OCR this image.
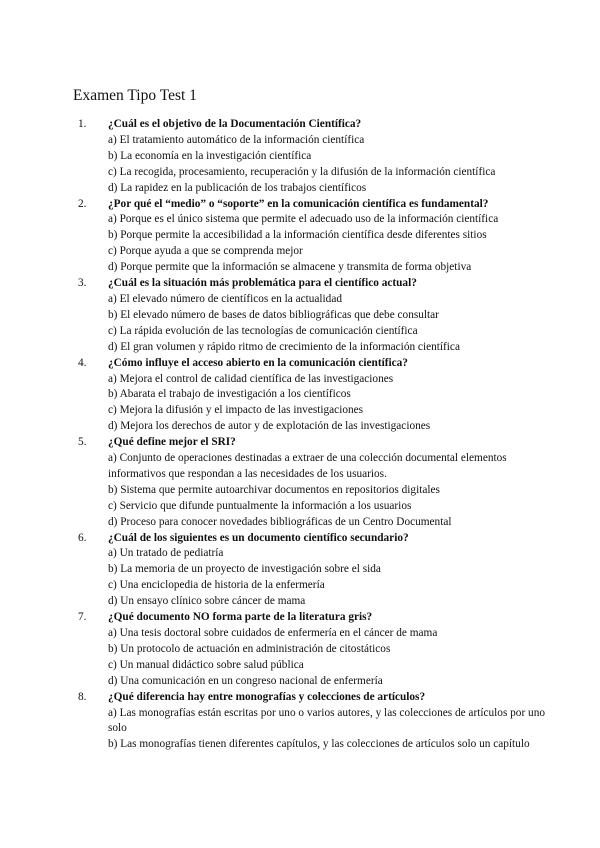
Examen Tipo Test 1
1.	¿Cuál es el objetivo de la Documentación Científica?
a) El tratamiento automático de la información científica
b) La economía en la investigación científica
c) La recogida, procesamiento, recuperación y la difusión de la información científica
d) La rapidez en la publicación de los trabajos científicos
2.	¿Por qué el “medio” o “soporte” en la comunicación científica es fundamental?
a) Porque es el único sistema que permite el adecuado uso de la información científica
b) Porque permite la accesibilidad a la información científica desde diferentes sitios
c) Porque ayuda a que se comprenda mejor
d) Porque permite que la información se almacene y transmita de forma objetiva
3.	¿Cuál es la situación más problemática para el científico actual?
a) El elevado número de científicos en la actualidad
b) El elevado número de bases de datos bibliográficas que debe consultar
c) La rápida evolución de las tecnologías de comunicación científica
d) El gran volumen y rápido ritmo de crecimiento de la información científica
4.	¿Cómo influye el acceso abierto en la comunicación científica?
a) Mejora el control de calidad científica de las investigaciones
b) Abarata el trabajo de investigación a los científicos
c) Mejora la difusión y el impacto de las investigaciones
d) Mejora los derechos de autor y de explotación de las investigaciones
5.	¿Qué define mejor el SRI?
a) Conjunto de operaciones destinadas a extraer de una colección documental elementos informativos que respondan a las necesidades de los usuarios.
b) Sistema que permite autoarchivar documentos en repositorios digitales
c) Servicio que difunde puntualmente la información a los usuarios
d) Proceso para conocer novedades bibliográficas de un Centro Documental
6.	¿Cuál de los siguientes es un documento científico secundario?
a) Un tratado de pediatría
b) La memoria de un proyecto de investigación sobre el sida
c) Una enciclopedia de historia de la enfermería
d) Un ensayo clínico sobre cáncer de mama
7.	¿Qué documento NO forma parte de la literatura gris?
a) Una tesis doctoral sobre cuidados de enfermería en el cáncer de mama
b) Un protocolo de actuación en administración de citostáticos
c) Un manual didáctico sobre salud pública
d) Una comunicación en un congreso nacional de enfermería
8.	¿Qué diferencia hay entre monografías y colecciones de artículos?
a) Las monografías están escritas por uno o varios autores, y las colecciones de artículos por uno solo
b) Las monografías tienen diferentes capítulos, y las colecciones de artículos solo un capítulo
